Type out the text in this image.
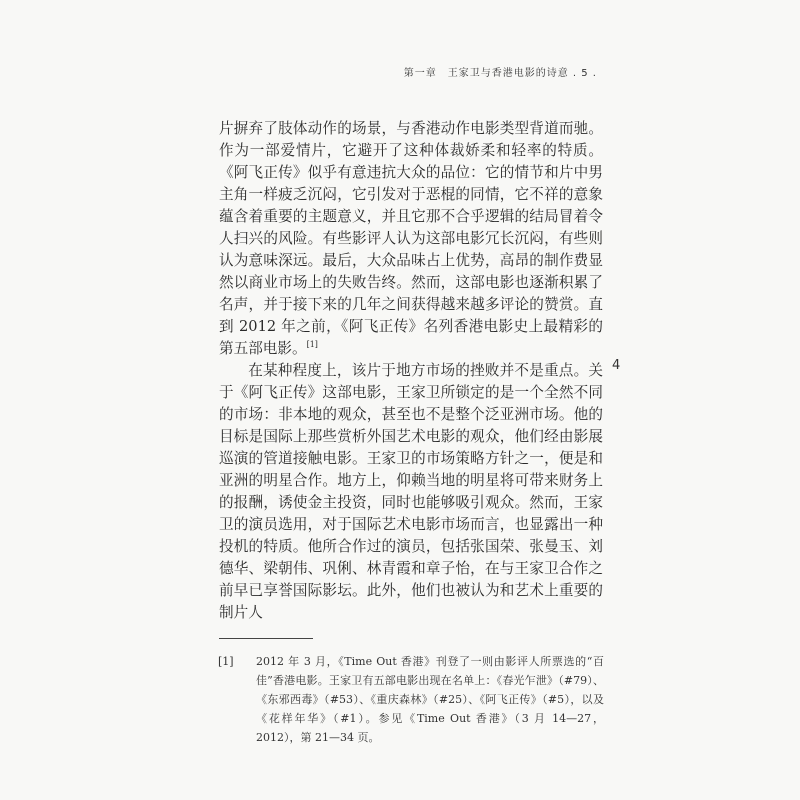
第一章　王家卫与香港电影的诗意 . 5 .

片摒弃了肢体动作的场景，与香港动作电影类型背道而驰。作为一部爱情片，它避开了这种体裁娇柔和轻率的特质。《阿飞正传》似乎有意违抗大众的品位：它的情节和片中男主角一样疲乏沉闷，它引发对于恶棍的同情，它不祥的意象蕴含着重要的主题意义，并且它那不合乎逻辑的结局冒着令人扫兴的风险。有些影评人认为这部电影冗长沉闷，有些则认为意味深远。最后，大众品味占上优势，高昂的制作费显然以商业市场上的失败告终。然而，这部电影也逐渐积累了名声，并于接下来的几年之间获得越来越多评论的赞赏。直到 2012 年之前，《阿飞正传》名列香港电影史上最精彩的第五部电影。[1]

在某种程度上，该片于地方市场的挫败并不是重点。关于《阿飞正传》这部电影，王家卫所锁定的是一个全然不同的市场：非本地的观众，甚至也不是整个泛亚洲市场。他的目标是国际上那些赏析外国艺术电影的观众，他们经由影展巡演的管道接触电影。王家卫的市场策略方针之一，便是和亚洲的明星合作。地方上，仰赖当地的明星将可带来财务上的报酬，诱使金主投资，同时也能够吸引观众。然而，王家卫的演员选用，对于国际艺术电影市场而言，也显露出一种投机的特质。他所合作过的演员，包括张国荣、张曼玉、刘德华、梁朝伟、巩俐、林青霞和章子怡，在与王家卫合作之前早已享誉国际影坛。此外，他们也被认为和艺术上重要的制片人

4
[1]	2012 年 3 月，《Time Out 香港》刊登了一则由影评人所票选的“百佳”香港电影。王家卫有五部电影出现在名单上：《春光乍泄》（#79）、《东邪西毒》（#53）、《重庆森林》（#25）、《阿飞正传》（#5），以及《花样年华》（#1）。参见《Time Out 香港》（3 月 14—27，2012），第 21—34 页。
